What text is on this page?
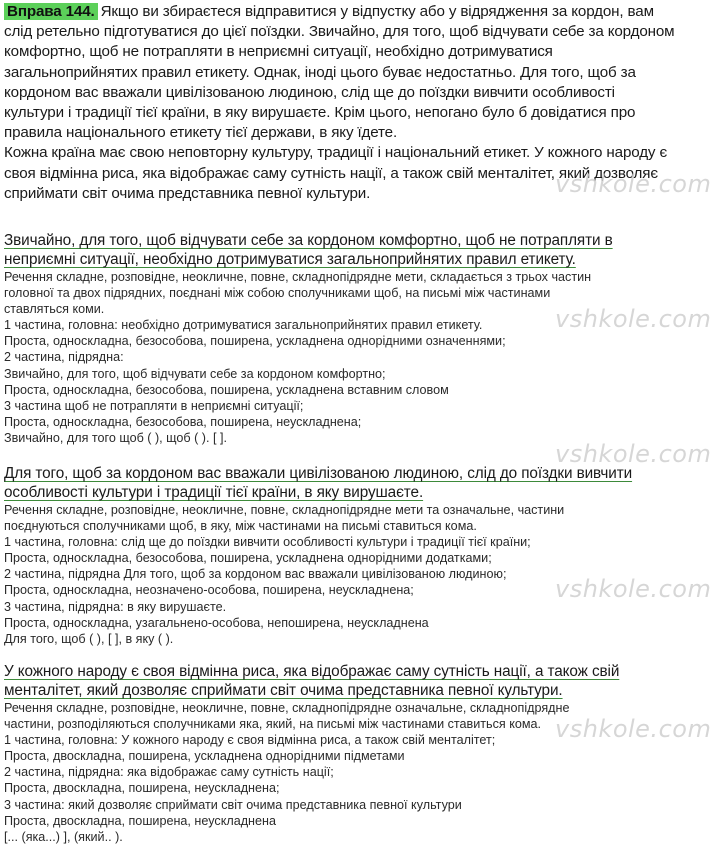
Вправа 144. Якщо ви збираєтеся відправитися у відпустку або у відрядження за кордон, вам слід ретельно підготуватися до цієї поїздки. Звичайно, для того, щоб відчувати себе за кордоном комфортно, щоб не потрапляти в неприємні ситуації, необхідно дотримуватися загальноприйнятих правил етикету. Однак, іноді цього буває недостатньо. Для того, щоб за кордоном вас вважали цивілізованою людиною, слід ще до поїздки вивчити особливості культури і традиції тієї країни, в яку вирушаєте. Крім цього, непогано було б довідатися про правила національного етикету тієї держави, в яку їдете.
Кожна країна має свою неповторну культуру, традиції і національний етикет. У кожного народу є своя відмінна риса, яка відображає саму сутність нації, а також свій менталітет, який дозволяє сприймати світ очима представника певної культури.
Звичайно, для того, щоб відчувати себе за кордоном комфортно, щоб не потрапляти в неприємні ситуації, необхідно дотримуватися загальноприйнятих правил етикету.
Речення складне, розповідне, неокличне, повне, складнопідрядне мети, складається з трьох частин
головної та двох підрядних, поєднані між собою сполучниками щоб, на письмі між частинами
ставляться коми.
1 частина, головна: необхідно дотримуватися загальноприйнятих правил етикету.
Проста, односкладна, безособова, поширена, ускладнена однорідними означеннями;
2 частина, підрядна:
Звичайно, для того, щоб відчувати себе за кордоном комфортно;
Проста, односкладна, безособова, поширена, ускладнена вставним словом
3 частина щоб не потрапляти в неприємні ситуації;
Проста, односкладна, безособова, поширена, неускладнена;
Звичайно, для того щоб ( ), щоб ( ). [ ].
Для того, щоб за кордоном вас вважали цивілізованою людиною, слід до поїздки вивчити особливості культури і традиції тієї країни, в яку вирушаєте.
Речення складне, розповідне, неокличне, повне, складнопідрядне мети та означальне, частини
поєднуються сполучниками щоб, в яку, між частинами на письмі ставиться кома.
1 частина, головна: слід ще до поїздки вивчити особливості культури і традиції тієї країни;
Проста, односкладна, безособова, поширена, ускладнена однорідними додатками;
2 частина, підрядна Для того, щоб за кордоном вас вважали цивілізованою людиною;
Проста, односкладна, неозначено-особова, поширена, неускладнена;
3 частина, підрядна: в яку вирушаєте.
Проста, односкладна, узагальнено-особова, непоширена, неускладнена
Для того, щоб ( ), [ ], в яку ( ).
У кожного народу є своя відмінна риса, яка відображає саму сутність нації, а також свій менталітет, який дозволяє сприймати світ очима представника певної культури.
Речення складне, розповідне, неокличне, повне, складнопідрядне означальне, складнопідрядне
частини, розподіляються сполучниками яка, який, на письмі між частинами ставиться кома.
1 частина, головна: У кожного народу є своя відмінна риса, а також свій менталітет;
Проста, двоскладна, поширена, ускладнена однорідними підметами
2 частина, підрядна: яка відображає саму сутність нації;
Проста, двоскладна, поширена, неускладнена;
3 частина: який дозволяє сприймати світ очима представника певної культури
Проста, двоскладна, поширена, неускладнена
[... (яка...) ], (який.. ).
vshkole.com
vshkole.com
vshkole.com
vshkole.com
vshkole.com
